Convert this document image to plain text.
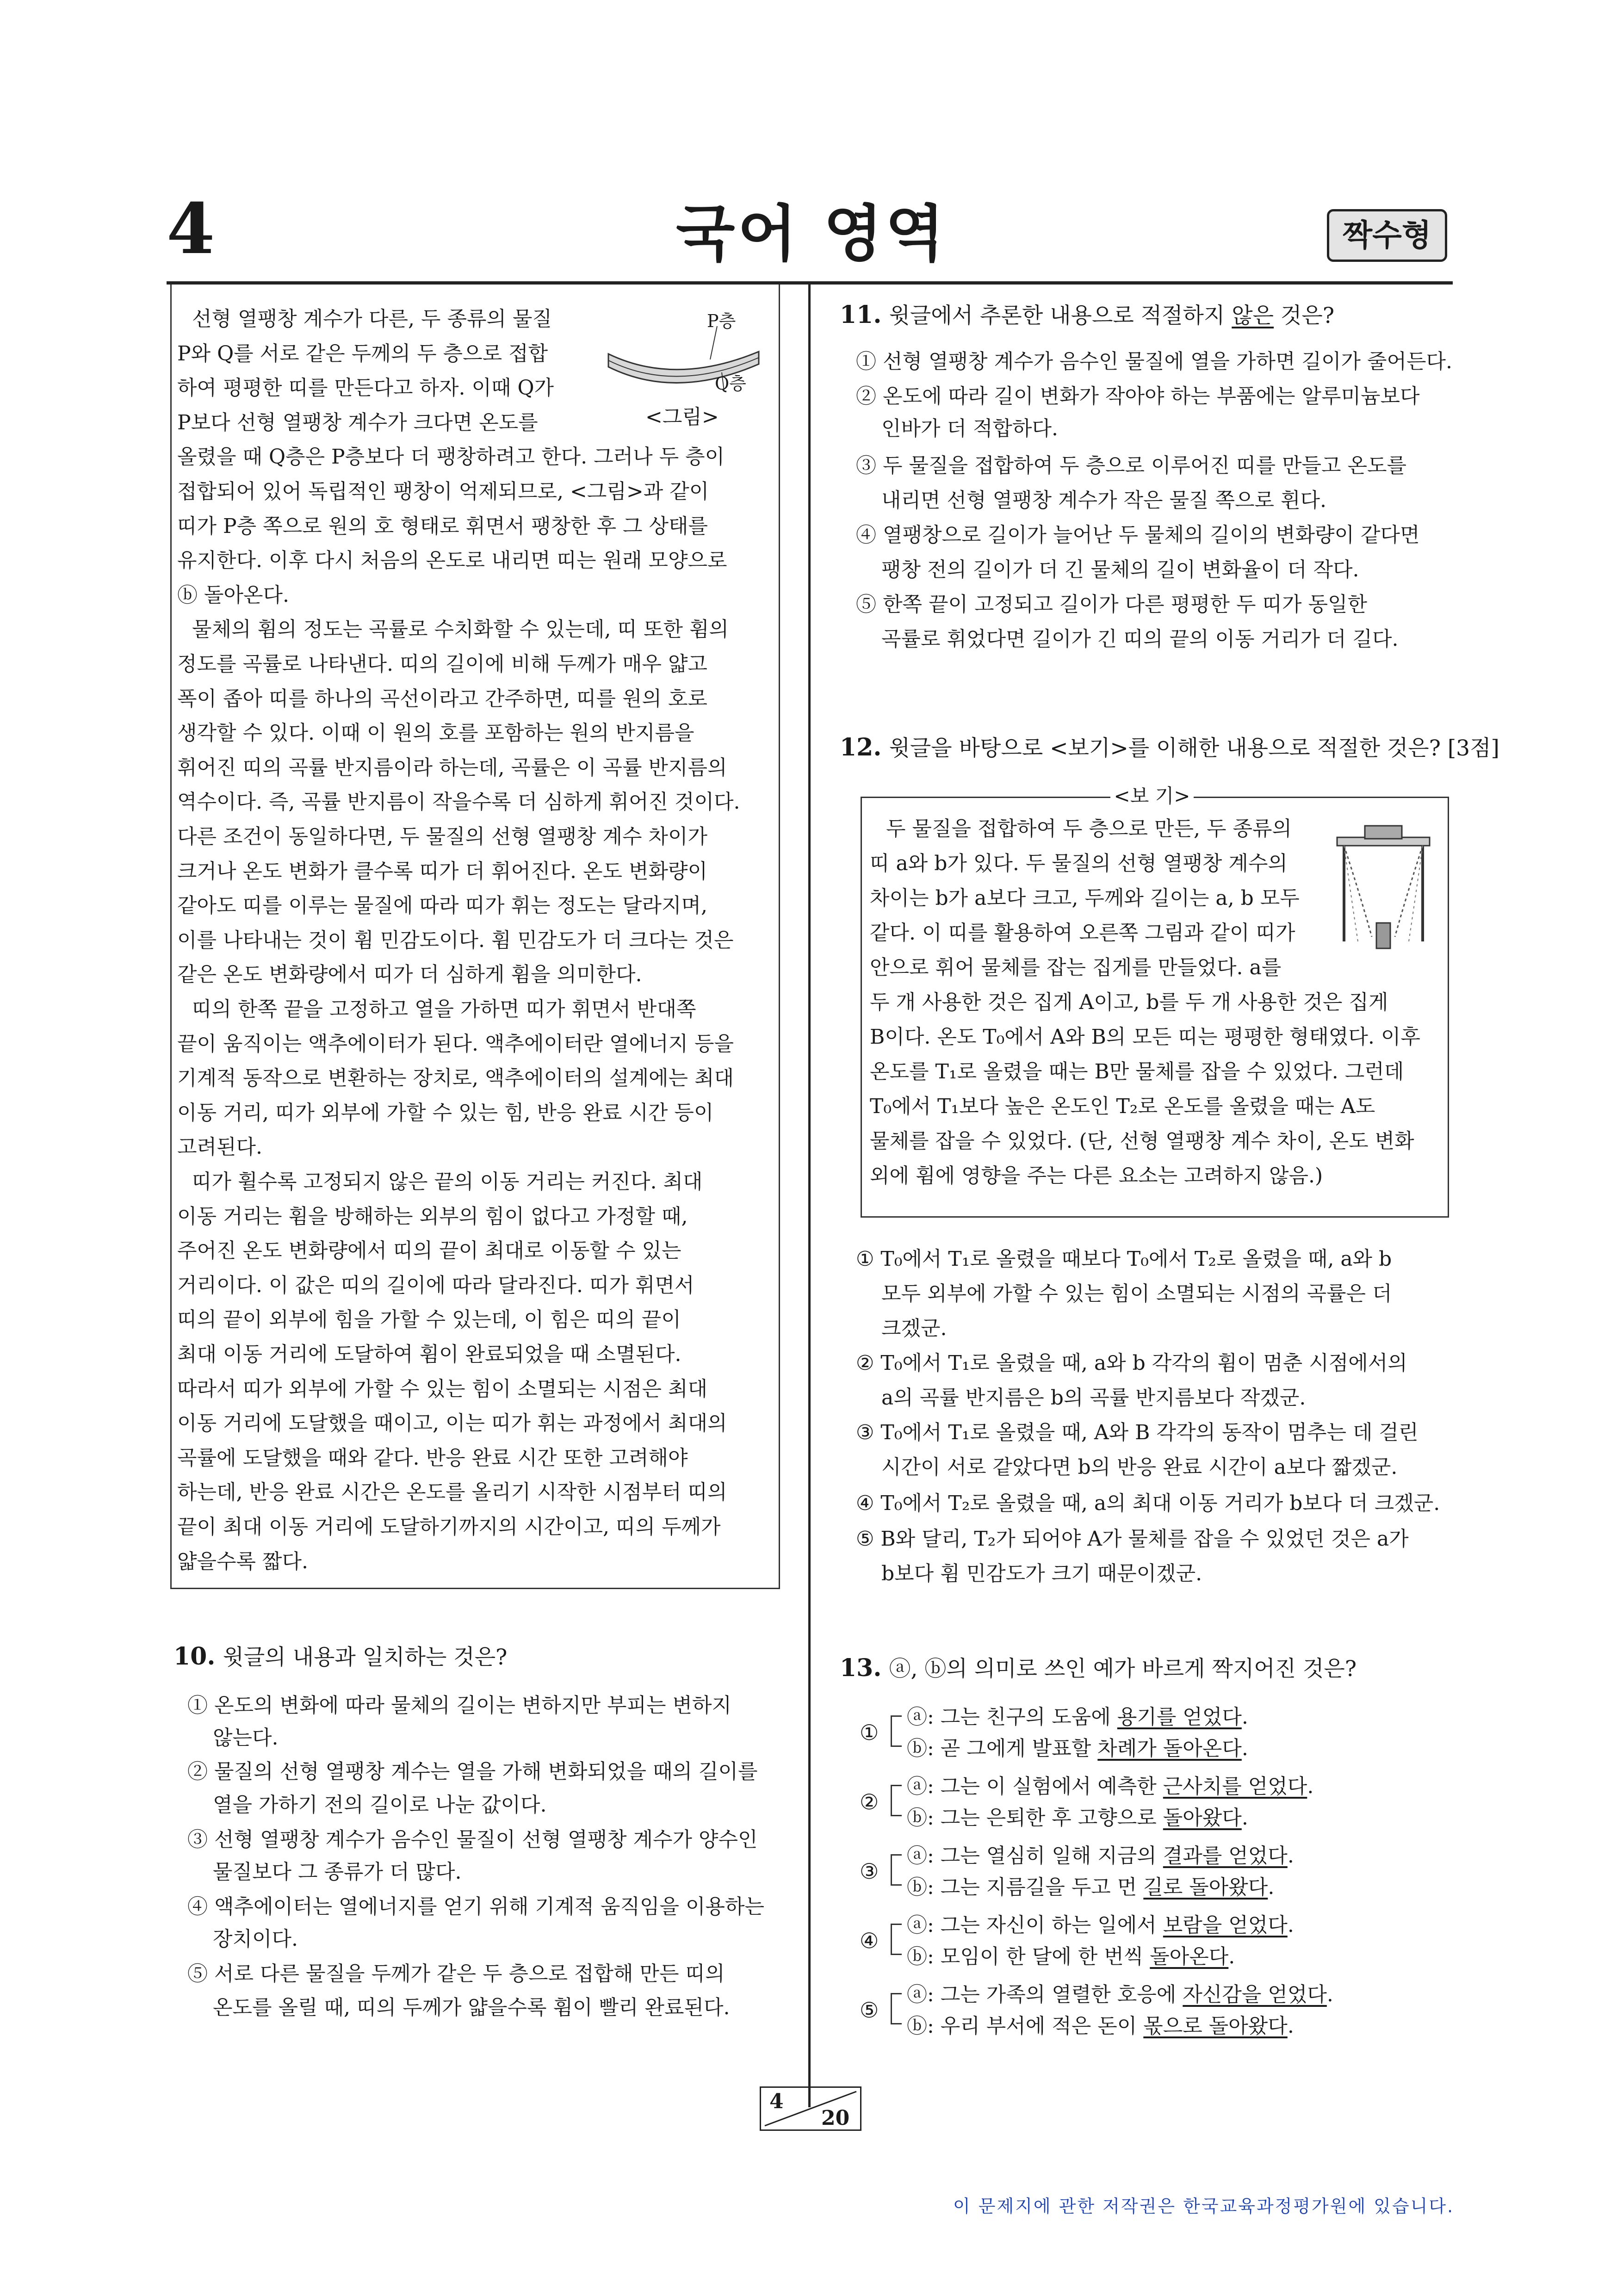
4	국어 영역	짝수형
선형 열팽창 계수가 다른, 두 종류의 물질
P와 Q를 서로 같은 두께의 두 층으로 접합
하여 평평한 띠를 만든다고 하자. 이때 Q가
P보다 선형 열팽창 계수가 크다면 온도를
올렸을 때 Q층은 P층보다 더 팽창하려고 한다. 그러나 두 층이
접합되어 있어 독립적인 팽창이 억제되므로, <그림>과 같이
띠가 P층 쪽으로 원의 호 형태로 휘면서 팽창한 후 그 상태를
유지한다. 이후 다시 처음의 온도로 내리면 띠는 원래 모양으로
ⓑ 돌아온다.
물체의 휨의 정도는 곡률로 수치화할 수 있는데, 띠 또한 휨의
정도를 곡률로 나타낸다. 띠의 길이에 비해 두께가 매우 얇고
폭이 좁아 띠를 하나의 곡선이라고 간주하면, 띠를 원의 호로
생각할 수 있다. 이때 이 원의 호를 포함하는 원의 반지름을
휘어진 띠의 곡률 반지름이라 하는데, 곡률은 이 곡률 반지름의
역수이다. 즉, 곡률 반지름이 작을수록 더 심하게 휘어진 것이다.
다른 조건이 동일하다면, 두 물질의 선형 열팽창 계수 차이가
크거나 온도 변화가 클수록 띠가 더 휘어진다. 온도 변화량이
같아도 띠를 이루는 물질에 따라 띠가 휘는 정도는 달라지며,
이를 나타내는 것이 휨 민감도이다. 휨 민감도가 더 크다는 것은
같은 온도 변화량에서 띠가 더 심하게 휨을 의미한다.
띠의 한쪽 끝을 고정하고 열을 가하면 띠가 휘면서 반대쪽
끝이 움직이는 액추에이터가 된다. 액추에이터란 열에너지 등을
기계적 동작으로 변환하는 장치로, 액추에이터의 설계에는 최대
이동 거리, 띠가 외부에 가할 수 있는 힘, 반응 완료 시간 등이
고려된다.
띠가 휠수록 고정되지 않은 끝의 이동 거리는 커진다. 최대
이동 거리는 휨을 방해하는 외부의 힘이 없다고 가정할 때,
주어진 온도 변화량에서 띠의 끝이 최대로 이동할 수 있는
거리이다. 이 값은 띠의 길이에 따라 달라진다. 띠가 휘면서
띠의 끝이 외부에 힘을 가할 수 있는데, 이 힘은 띠의 끝이
최대 이동 거리에 도달하여 휨이 완료되었을 때 소멸된다.
따라서 띠가 외부에 가할 수 있는 힘이 소멸되는 시점은 최대
이동 거리에 도달했을 때이고, 이는 띠가 휘는 과정에서 최대의
곡률에 도달했을 때와 같다. 반응 완료 시간 또한 고려해야
하는데, 반응 완료 시간은 온도를 올리기 시작한 시점부터 띠의
끝이 최대 이동 거리에 도달하기까지의 시간이고, 띠의 두께가
얇을수록 짧다.
P층
Q층
<그림>
10. 윗글의 내용과 일치하는 것은?
① 온도의 변화에 따라 물체의 길이는 변하지만 부피는 변하지
않는다.
② 물질의 선형 열팽창 계수는 열을 가해 변화되었을 때의 길이를
열을 가하기 전의 길이로 나눈 값이다.
③ 선형 열팽창 계수가 음수인 물질이 선형 열팽창 계수가 양수인
물질보다 그 종류가 더 많다.
④ 액추에이터는 열에너지를 얻기 위해 기계적 움직임을 이용하는
장치이다.
⑤ 서로 다른 물질을 두께가 같은 두 층으로 접합해 만든 띠의
온도를 올릴 때, 띠의 두께가 얇을수록 휨이 빨리 완료된다.
11. 윗글에서 추론한 내용으로 적절하지 않은 것은?
① 선형 열팽창 계수가 음수인 물질에 열을 가하면 길이가 줄어든다.
② 온도에 따라 길이 변화가 작아야 하는 부품에는 알루미늄보다
인바가 더 적합하다.
③ 두 물질을 접합하여 두 층으로 이루어진 띠를 만들고 온도를
내리면 선형 열팽창 계수가 작은 물질 쪽으로 휜다.
④ 열팽창으로 길이가 늘어난 두 물체의 길이의 변화량이 같다면
팽창 전의 길이가 더 긴 물체의 길이 변화율이 더 작다.
⑤ 한쪽 끝이 고정되고 길이가 다른 평평한 두 띠가 동일한
곡률로 휘었다면 길이가 긴 띠의 끝의 이동 거리가 더 길다.
12. 윗글을 바탕으로 <보기>를 이해한 내용으로 적절한 것은? [3점]
<보 기>
두 물질을 접합하여 두 층으로 만든, 두 종류의
띠 a와 b가 있다. 두 물질의 선형 열팽창 계수의
차이는 b가 a보다 크고, 두께와 길이는 a, b 모두
같다. 이 띠를 활용하여 오른쪽 그림과 같이 띠가
안으로 휘어 물체를 잡는 집게를 만들었다. a를
두 개 사용한 것은 집게 A이고, b를 두 개 사용한 것은 집게
B이다. 온도 T₀에서 A와 B의 모든 띠는 평평한 형태였다. 이후
온도를 T₁로 올렸을 때는 B만 물체를 잡을 수 있었다. 그런데
T₀에서 T₁보다 높은 온도인 T₂로 온도를 올렸을 때는 A도
물체를 잡을 수 있었다. (단, 선형 열팽창 계수 차이, 온도 변화
외에 휨에 영향을 주는 다른 요소는 고려하지 않음.)
① T₀에서 T₁로 올렸을 때보다 T₀에서 T₂로 올렸을 때, a와 b
모두 외부에 가할 수 있는 힘이 소멸되는 시점의 곡률은 더
크겠군.
② T₀에서 T₁로 올렸을 때, a와 b 각각의 휨이 멈춘 시점에서의
a의 곡률 반지름은 b의 곡률 반지름보다 작겠군.
③ T₀에서 T₁로 올렸을 때, A와 B 각각의 동작이 멈추는 데 걸린
시간이 서로 같았다면 b의 반응 완료 시간이 a보다 짧겠군.
④ T₀에서 T₂로 올렸을 때, a의 최대 이동 거리가 b보다 더 크겠군.
⑤ B와 달리, T₂가 되어야 A가 물체를 잡을 수 있었던 것은 a가
b보다 휨 민감도가 크기 때문이겠군.
13. ⓐ, ⓑ의 의미로 쓰인 예가 바르게 짝지어진 것은?
①
ⓐ: 그는 친구의 도움에 용기를 얻었다.
ⓑ: 곧 그에게 발표할 차례가 돌아온다.
②
ⓐ: 그는 이 실험에서 예측한 근사치를 얻었다.
ⓑ: 그는 은퇴한 후 고향으로 돌아왔다.
③
ⓐ: 그는 열심히 일해 지금의 결과를 얻었다.
ⓑ: 그는 지름길을 두고 먼 길로 돌아왔다.
④
ⓐ: 그는 자신이 하는 일에서 보람을 얻었다.
ⓑ: 모임이 한 달에 한 번씩 돌아온다.
⑤
ⓐ: 그는 가족의 열렬한 호응에 자신감을 얻었다.
ⓑ: 우리 부서에 적은 돈이 몫으로 돌아왔다.
4
20
이 문제지에 관한 저작권은 한국교육과정평가원에 있습니다.
